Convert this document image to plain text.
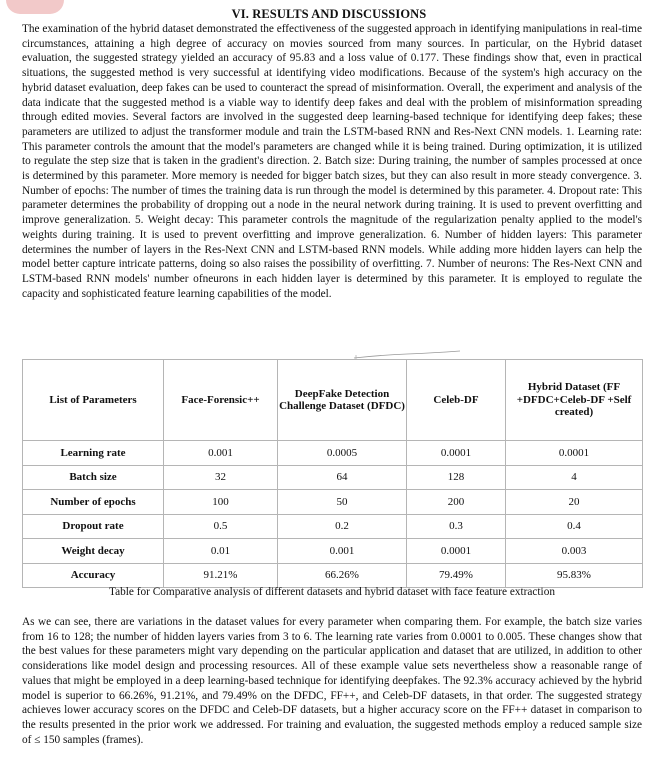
VI. RESULTS AND DISCUSSIONS

The examination of the hybrid dataset demonstrated the effectiveness of the suggested approach in identifying manipulations in real-time circumstances, attaining a high degree of accuracy on movies sourced from many sources. In particular, on the Hybrid dataset evaluation, the suggested strategy yielded an accuracy of 95.83 and a loss value of 0.177. These findings show that, even in practical situations, the suggested method is very successful at identifying video modifications. Because of the system's high accuracy on the hybrid dataset evaluation, deep fakes can be used to counteract the spread of misinformation. Overall, the experiment and analysis of the data indicate that the suggested method is a viable way to identify deep fakes and deal with the problem of misinformation spreading through edited movies. Several factors are involved in the suggested deep learning-based technique for identifying deep fakes; these parameters are utilized to adjust the transformer module and train the LSTM-based RNN and Res-Next CNN models. 1. Learning rate: This parameter controls the amount that the model's parameters are changed while it is being trained. During optimization, it is utilized to regulate the step size that is taken in the gradient's direction. 2. Batch size: During training, the number of samples processed at once is determined by this parameter. More memory is needed for bigger batch sizes, but they can also result in more steady convergence. 3. Number of epochs: The number of times the training data is run through the model is determined by this parameter. 4. Dropout rate: This parameter determines the probability of dropping out a node in the neural network during training. It is used to prevent overfitting and improve generalization. 5. Weight decay: This parameter controls the magnitude of the regularization penalty applied to the model's weights during training. It is used to prevent overfitting and improve generalization. 6. Number of hidden layers: This parameter determines the number of layers in the Res-Next CNN and LSTM-based RNN models. While adding more hidden layers can help the model better capture intricate patterns, doing so also raises the possibility of overfitting. 7. Number of neurons: The Res-Next CNN and LSTM-based RNN models' number ofneurons in each hidden layer is determined by this parameter. It is employed to regulate the capacity and sophisticated feature learning capabilities of the model.

List of Parameters	Face-Forensic++	DeepFake Detection Challenge Dataset (DFDC)	Celeb-DF	Hybrid Dataset (FF +DFDC+Celeb-DF +Self created)
Learning rate	0.001	0.0005	0.0001	0.0001
Batch size	32	64	128	4
Number of epochs	100	50	200	20
Dropout rate	0.5	0.2	0.3	0.4
Weight decay	0.01	0.001	0.0001	0.003
Accuracy	91.21%	66.26%	79.49%	95.83%
Table for Comparative analysis of different datasets and hybrid dataset with face feature extraction

As we can see, there are variations in the dataset values for every parameter when comparing them. For example, the batch size varies from 16 to 128; the number of hidden layers varies from 3 to 6. The learning rate varies from 0.0001 to 0.005. These changes show that the best values for these parameters might vary depending on the particular application and dataset that are utilized, in addition to other considerations like model design and processing resources. All of these example value sets nevertheless show a reasonable range of values that might be employed in a deep learning-based technique for identifying deepfakes. The 92.3% accuracy achieved by the hybrid model is superior to 66.26%, 91.21%, and 79.49% on the DFDC, FF++, and Celeb-DF datasets, in that order. The suggested strategy achieves lower accuracy scores on the DFDC and Celeb-DF datasets, but a higher accuracy score on the FF++ dataset in comparison to the results presented in the prior work we addressed. For training and evaluation, the suggested methods employ a reduced sample size of ≤ 150 samples (frames).
